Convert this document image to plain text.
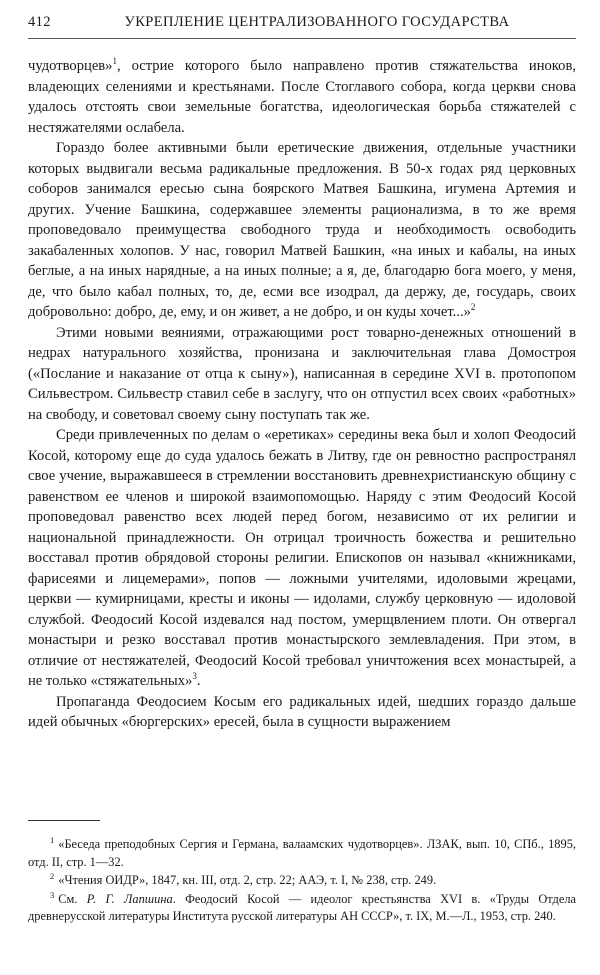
412	УКРЕПЛЕНИЕ ЦЕНТРАЛИЗОВАННОГО ГОСУДАРСТВА

чудотворцев»$^1$, острие которого было направлено против стяжательства иноков, владеющих селениями и крестьянами. После Стоглавого собора, когда церкви снова удалось отстоять свои земельные богатства, идеологическая борьба стяжателей с нестяжателями ослабела.

Гораздо более активными были еретические движения, отдельные участники которых выдвигали весьма радикальные предложения. В 50-х годах ряд церковных соборов занимался ересью сына боярского Матвея Башкина, игумена Артемия и других. Учение Башкина, содержавшее элементы рационализма, в то же время проповедовало преимущества свободного труда и необходимость освободить закабаленных холопов. У нас, говорил Матвей Башкин, «на иных и кабалы, на иных беглые, а на иных нарядные, а на иных полные; а я, де, благодарю бога моего, у меня, де, что было кабал полных, то, де, есми все изодрал, да держу, де, государь, своих добровольно: добро, де, ему, и он живет, а не добро, и он куды хочет...»$^2$

Этими новыми веяниями, отражающими рост товарно-денежных отношений в недрах натурального хозяйства, пронизана и заключительная глава Домостроя («Послание и наказание от отца к сыну»), написанная в середине XVI в. протопопом Сильвестром. Сильвестр ставил себе в заслугу, что он отпустил всех своих «работных» на свободу, и советовал своему сыну поступать так же.

Среди привлеченных по делам о «еретиках» середины века был и холоп Феодосий Косой, которому еще до суда удалось бежать в Литву, где он ревностно распространял свое учение, выражавшееся в стремлении восстановить древнехристианскую общину с равенством ее членов и широкой взаимопомощью. Наряду с этим Феодосий Косой проповедовал равенство всех людей перед богом, независимо от их религии и национальной принадлежности. Он отрицал троичность божества и решительно восставал против обрядовой стороны религии. Епископов он называл «книжниками, фарисеями и лицемерами», попов — ложными учителями, идоловыми жрецами, церкви — кумирницами, кресты и иконы — идолами, службу церковную — идоловой службой. Феодосий Косой издевался над постом, умерщвлением плоти. Он отвергал монастыри и резко восставал против монастырского землевладения. При этом, в отличие от нестяжателей, Феодосий Косой требовал уничтожения всех монастырей, а не только «стяжательных»$^3$.

Пропаганда Феодосием Косым его радикальных идей, шедших гораздо дальше идей обычных «бюргерских» ересей, была в сущности выражением

$^1$ «Беседа преподобных Сергия и Германа, валаамских чудотворцев». ЛЗАК, вып. 10, СПб., 1895, отд. II, стр. 1—32.

$^2$ «Чтения ОИДР», 1847, кн. III, отд. 2, стр. 22; ААЭ, т. I, № 238, стр. 249.

$^3$ См. Р. Г. Лапшина. Феодосий Косой — идеолог крестьянства XVI в. «Труды Отдела древнерусской литературы Института русской литературы АН СССР», т. IX, М.—Л., 1953, стр. 240.
